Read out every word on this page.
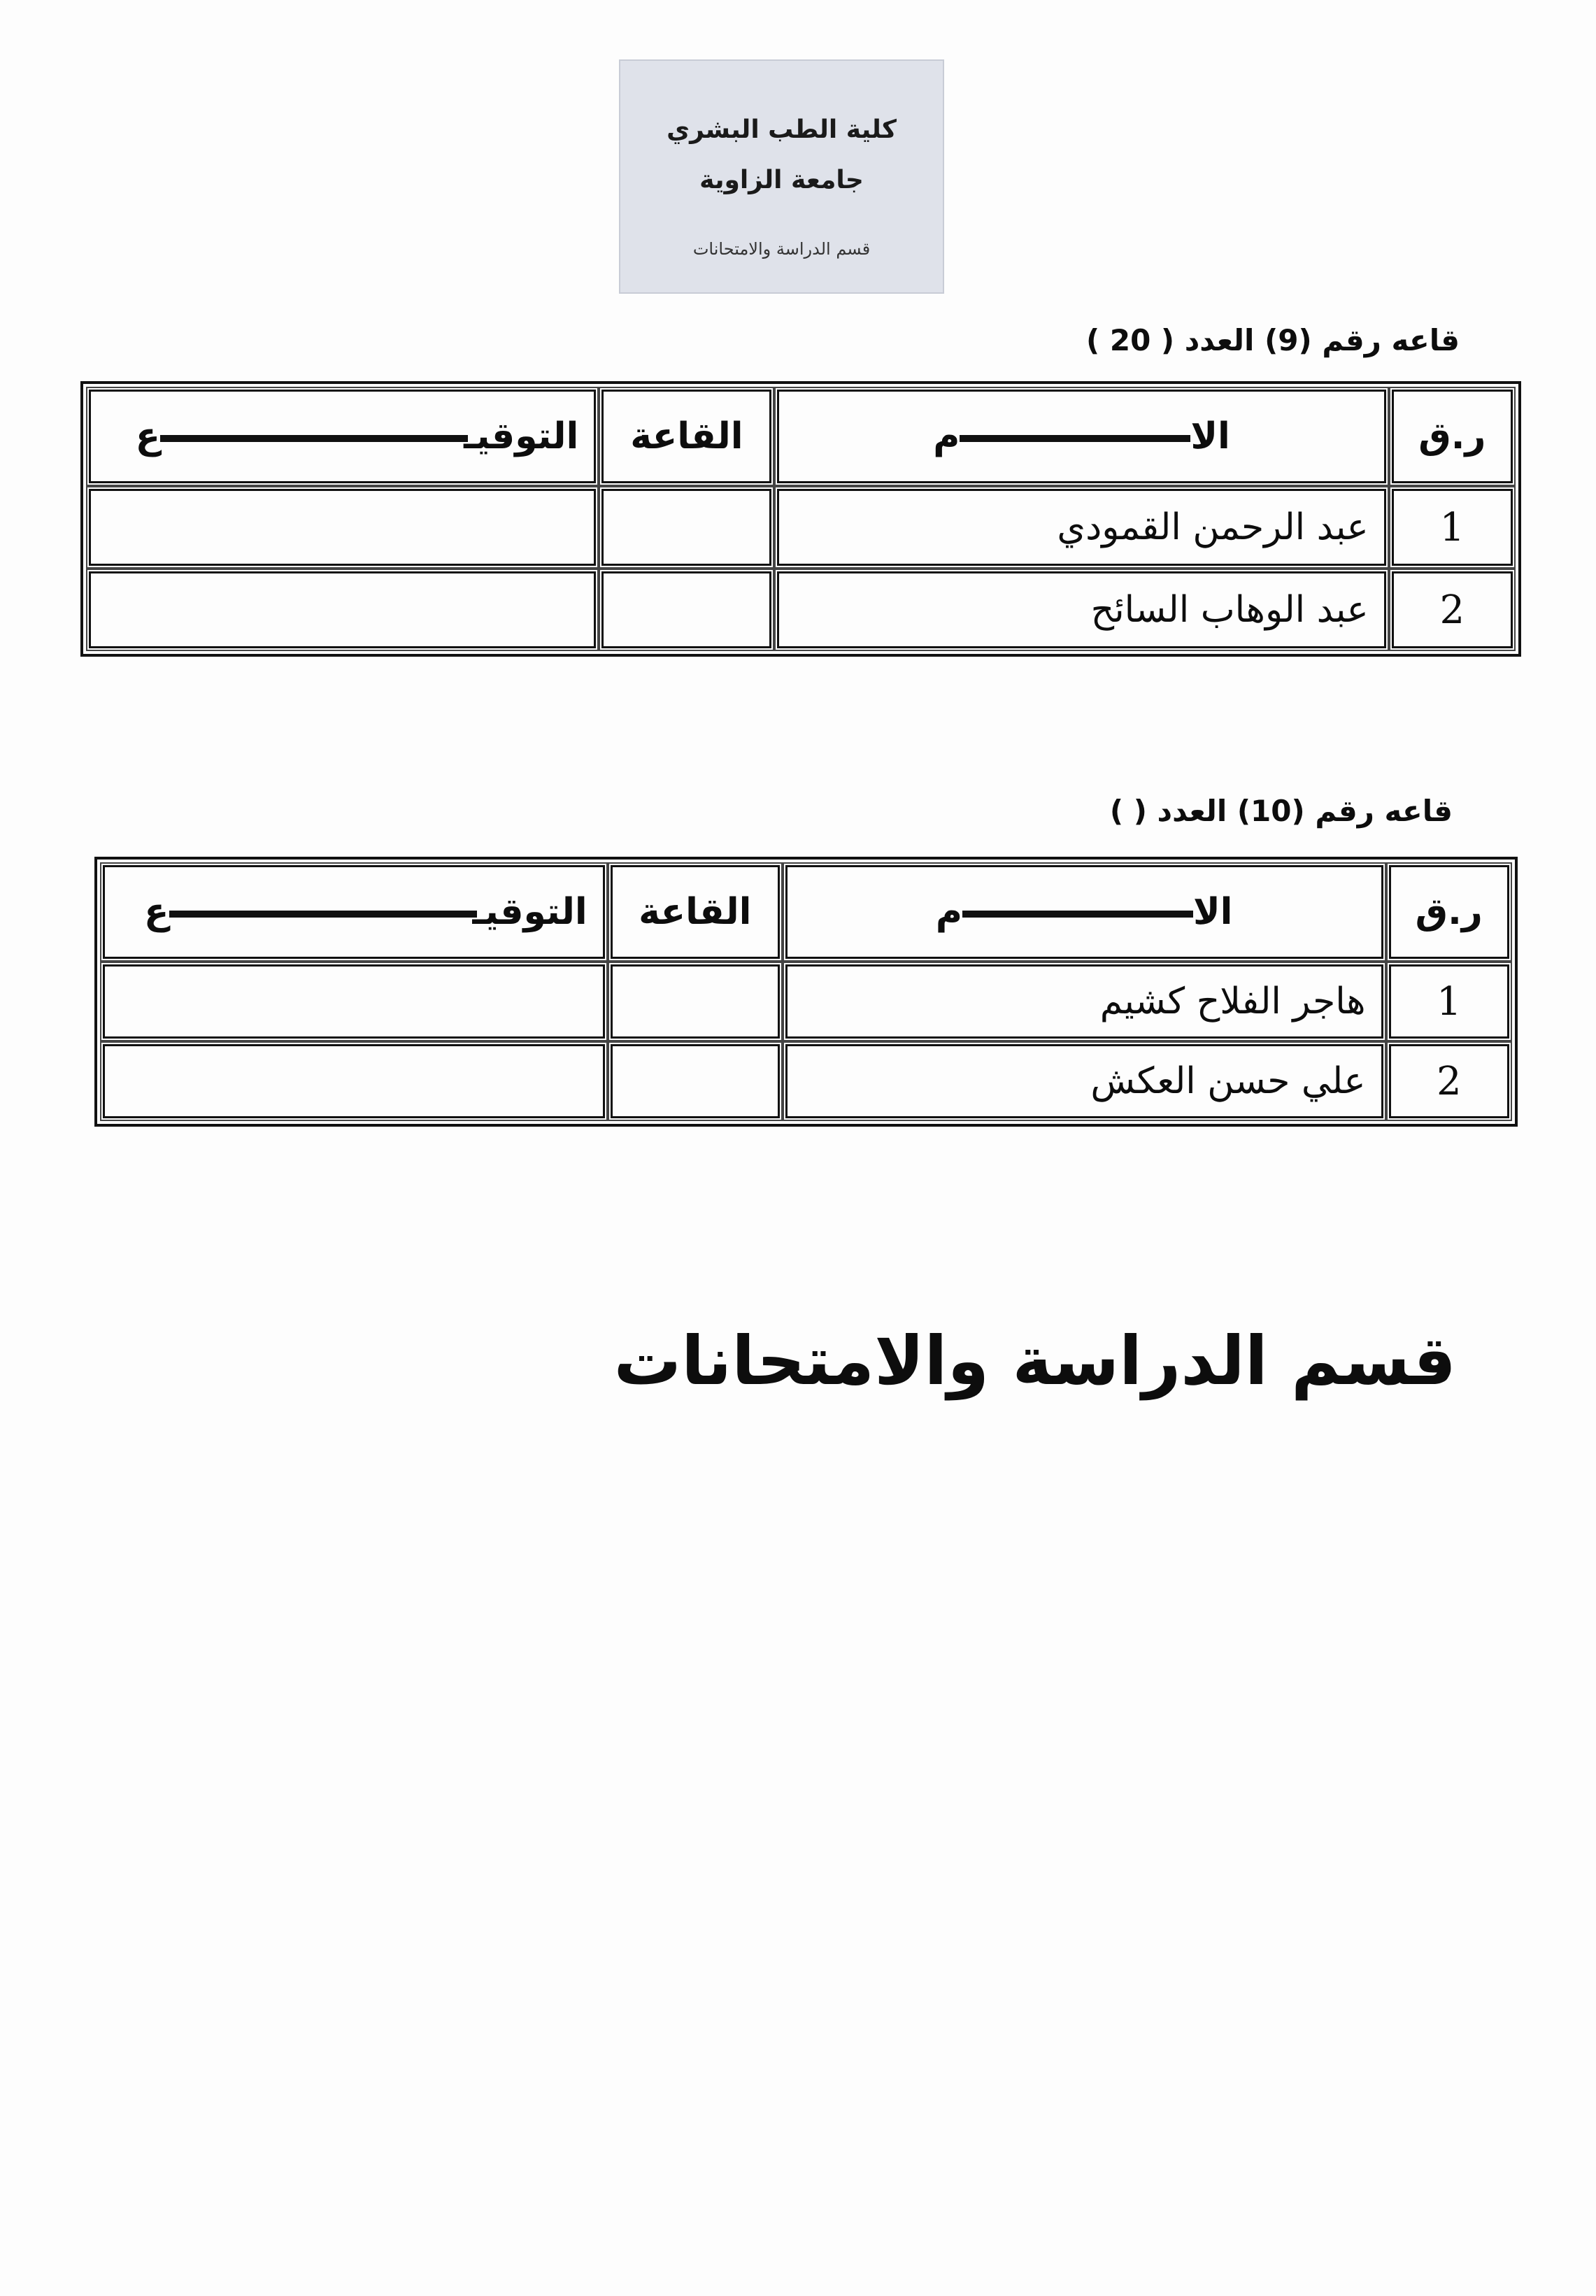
كلية الطب البشري
جامعة الزاوية
قسم الدراسة والامتحانات
قاعه رقم (9) العدد ( 20 )
ر.ق	الام	القاعة	التوقيـع

1	عبد الرحمن القمودي		
2	عبد الوهاب السائح		
قاعه رقم (10) العدد ( )
ر.ق	الام	القاعة	التوقيـع

1	هاجر الفلاح كشيم		
2	علي حسن العكش		
قسم الدراسة والامتحانات
